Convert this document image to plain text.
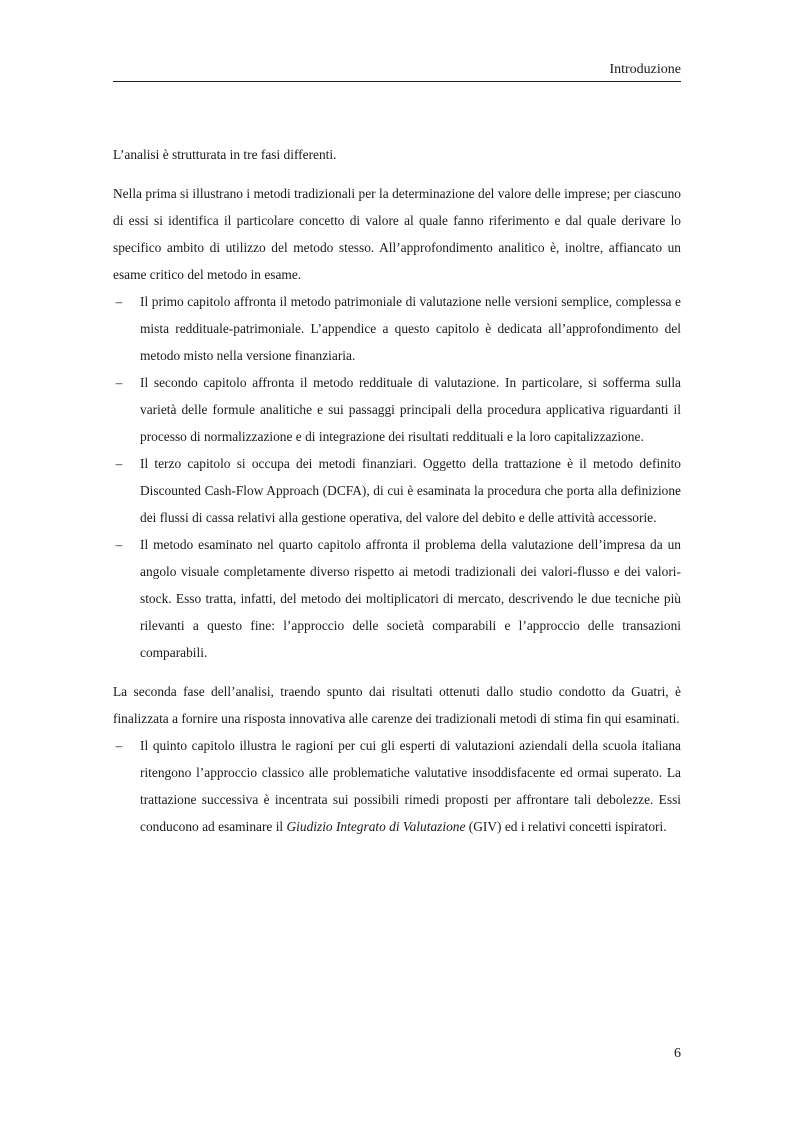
Introduzione

L’analisi è strutturata in tre fasi differenti.

Nella prima si illustrano i metodi tradizionali per la determinazione del valore delle imprese; per ciascuno di essi si identifica il particolare concetto di valore al quale fanno riferimento e dal quale derivare lo specifico ambito di utilizzo del metodo stesso. All’approfondimento analitico è, inoltre, affiancato un esame critico del metodo in esame.

– Il primo capitolo affronta il metodo patrimoniale di valutazione nelle versioni semplice, complessa e mista reddituale-patrimoniale. L’appendice a questo capitolo è dedicata all’approfondimento del metodo misto nella versione finanziaria.
– Il secondo capitolo affronta il metodo reddituale di valutazione. In particolare, si sofferma sulla varietà delle formule analitiche e sui passaggi principali della procedura applicativa riguardanti il processo di normalizzazione e di integrazione dei risultati reddituali e la loro capitalizzazione.
– Il terzo capitolo si occupa dei metodi finanziari. Oggetto della trattazione è il metodo definito Discounted Cash-Flow Approach (DCFA), di cui è esaminata la procedura che porta alla definizione dei flussi di cassa relativi alla gestione operativa, del valore del debito e delle attività accessorie.
– Il metodo esaminato nel quarto capitolo affronta il problema della valutazione dell’impresa da un angolo visuale completamente diverso rispetto ai metodi tradizionali dei valori-flusso e dei valori-stock. Esso tratta, infatti, del metodo dei moltiplicatori di mercato, descrivendo le due tecniche più rilevanti a questo fine: l’approccio delle società comparabili e l’approccio delle transazioni comparabili.

La seconda fase dell’analisi, traendo spunto dai risultati ottenuti dallo studio condotto da Guatri, è finalizzata a fornire una risposta innovativa alle carenze dei tradizionali metodi di stima fin qui esaminati.

– Il quinto capitolo illustra le ragioni per cui gli esperti di valutazioni aziendali della scuola italiana ritengono l’approccio classico alle problematiche valutative insoddisfacente ed ormai superato. La trattazione successiva è incentrata sui possibili rimedi proposti per affrontare tali debolezze. Essi conducono ad esaminare il Giudizio Integrato di Valutazione (GIV) ed i relativi concetti ispiratori.
6
